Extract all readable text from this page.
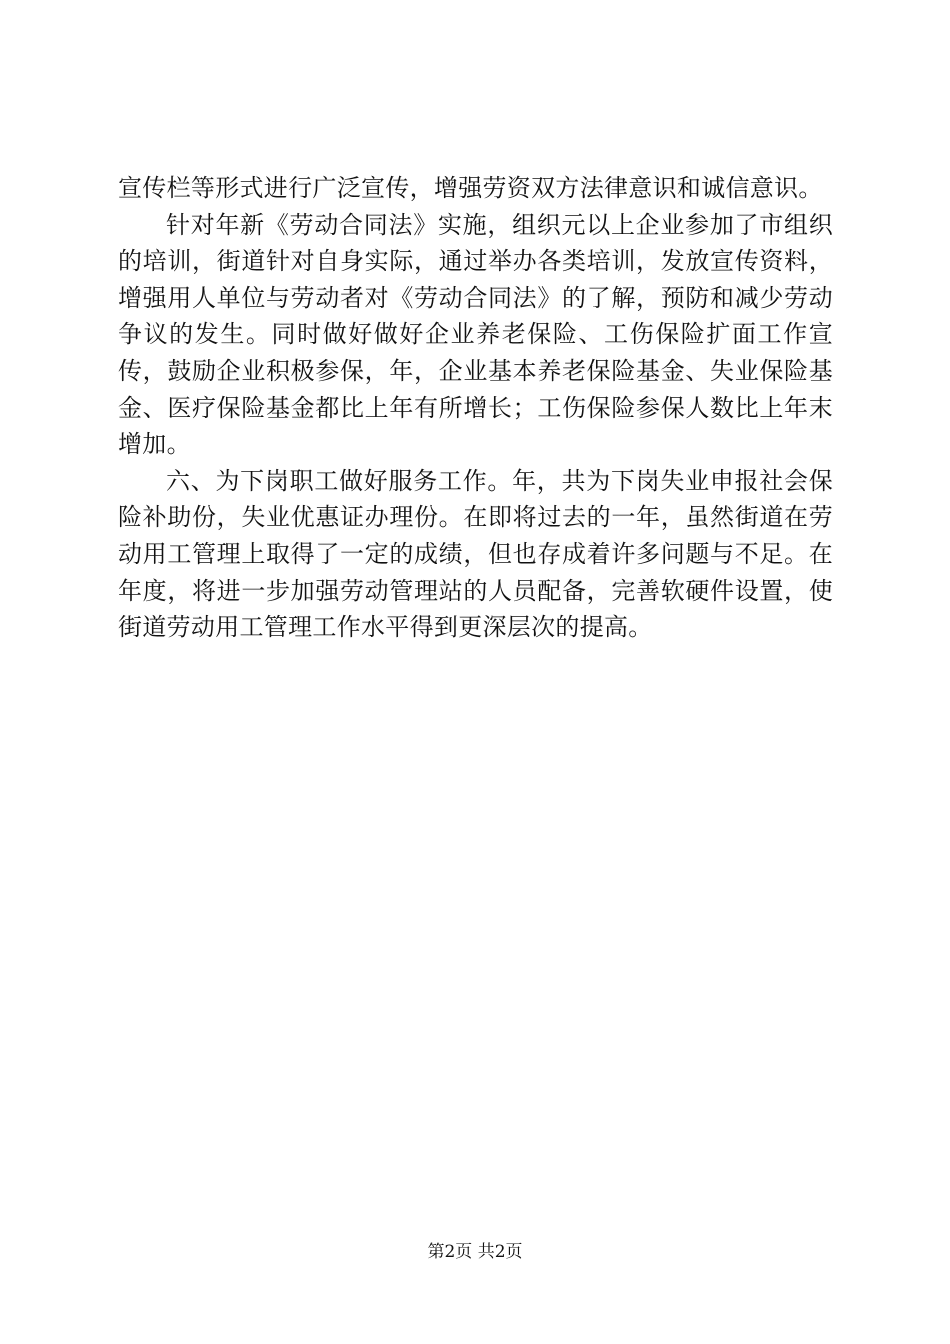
宣传栏等形式进行广泛宣传，增强劳资双方法律意识和诚信意识。

针对年新《劳动合同法》实施，组织元以上企业参加了市组织的培训，街道针对自身实际，通过举办各类培训，发放宣传资料，增强用人单位与劳动者对《劳动合同法》的了解，预防和减少劳动争议的发生。同时做好做好企业养老保险、工伤保险扩面工作宣传，鼓励企业积极参保，年，企业基本养老保险基金、失业保险基金、医疗保险基金都比上年有所增长；工伤保险参保人数比上年末增加。

六、为下岗职工做好服务工作。年，共为下岗失业申报社会保险补助份，失业优惠证办理份。在即将过去的一年，虽然街道在劳动用工管理上取得了一定的成绩，但也存成着许多问题与不足。在年度，将进一步加强劳动管理站的人员配备，完善软硬件设置，使街道劳动用工管理工作水平得到更深层次的提高。

第2页 共2页
